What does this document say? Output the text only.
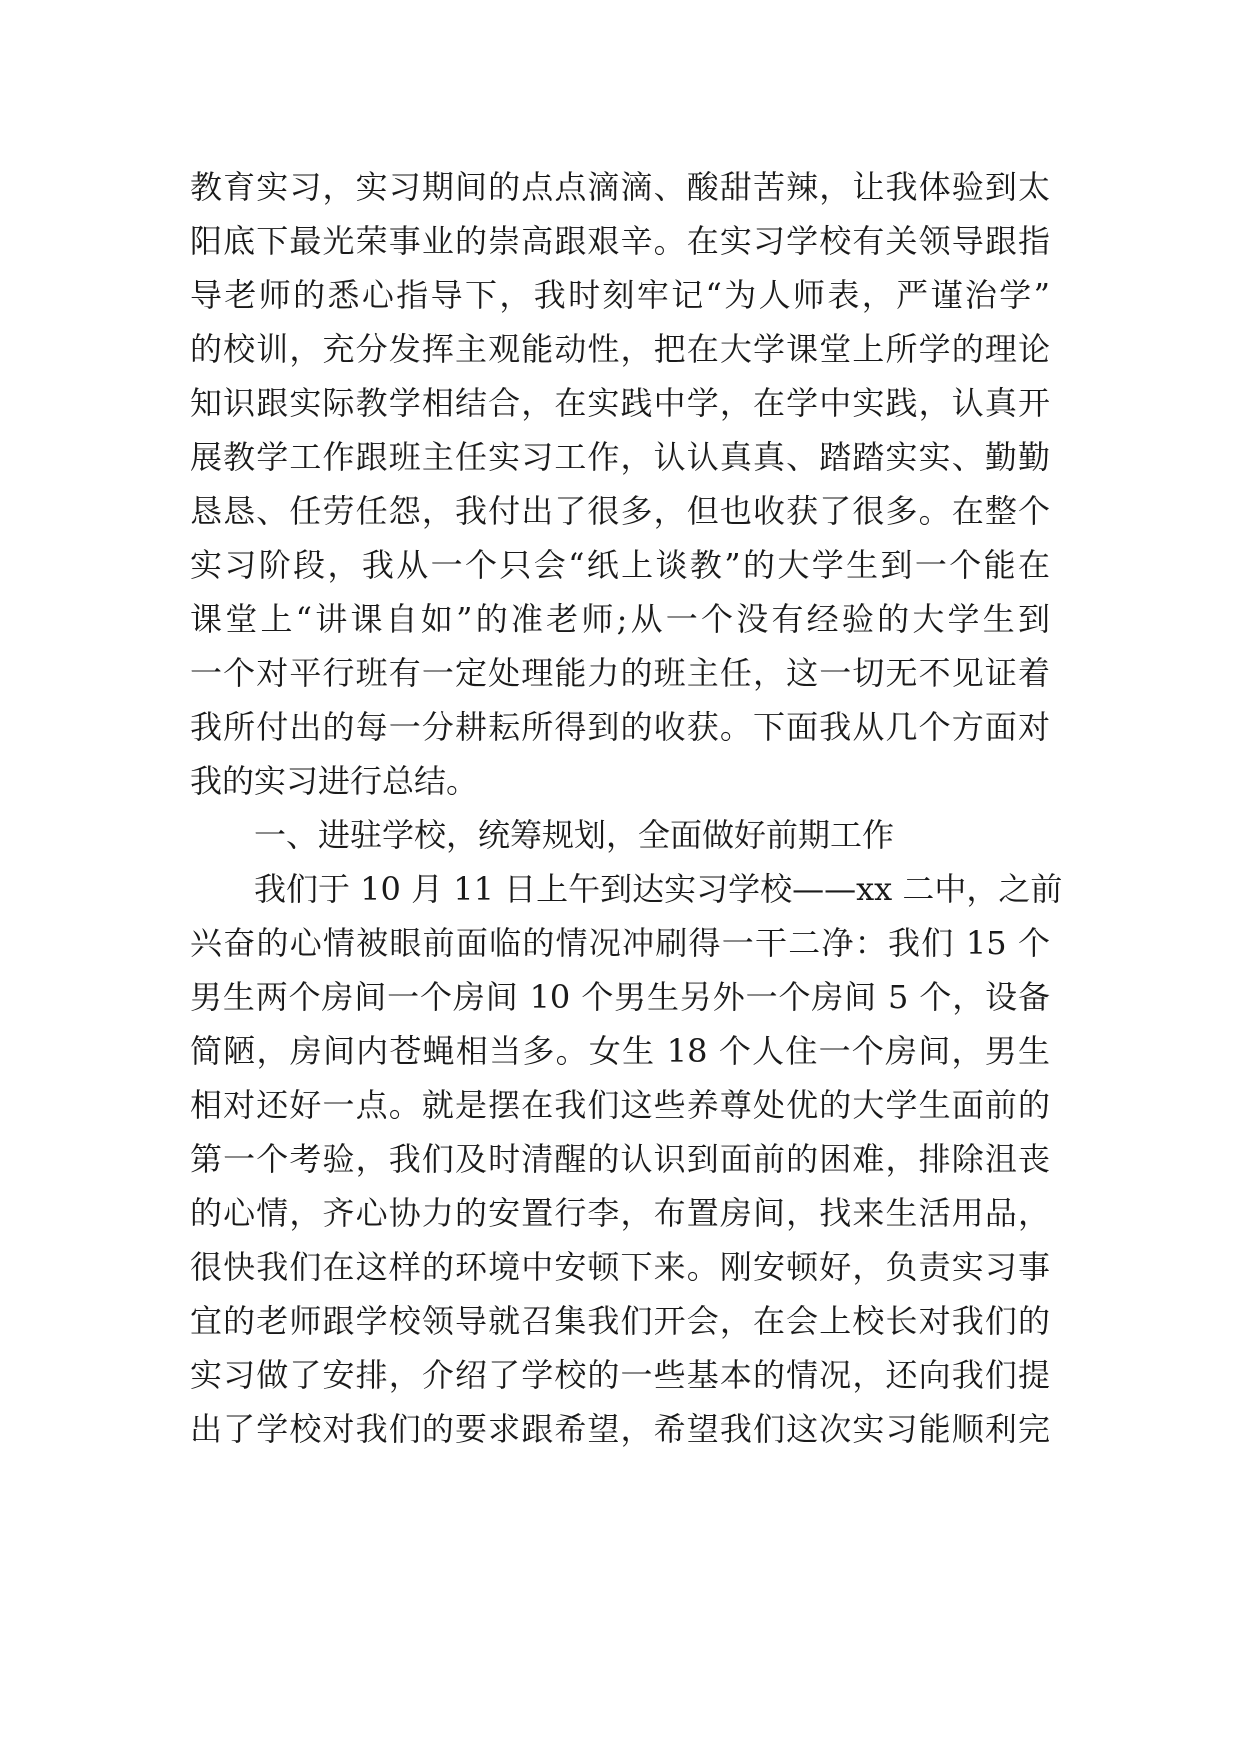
教育实习，实习期间的点点滴滴、酸甜苦辣，让我体验到太
阳底下最光荣事业的崇高跟艰辛。在实习学校有关领导跟指
导老师的悉心指导下，我时刻牢记“为人师表，严谨治学”
的校训，充分发挥主观能动性，把在大学课堂上所学的理论
知识跟实际教学相结合，在实践中学，在学中实践，认真开
展教学工作跟班主任实习工作，认认真真、踏踏实实、勤勤
恳恳、任劳任怨，我付出了很多，但也收获了很多。在整个
实习阶段，我从一个只会“纸上谈教”的大学生到一个能在
课堂上“讲课自如”的准老师;从一个没有经验的大学生到
一个对平行班有一定处理能力的班主任，这一切无不见证着
我所付出的每一分耕耘所得到的收获。下面我从几个方面对
我的实习进行总结。
一、进驻学校，统筹规划，全面做好前期工作
我们于 10 月 11 日上午到达实习学校——xx 二中，之前
兴奋的心情被眼前面临的情况冲刷得一干二净：我们 15 个
男生两个房间一个房间 10 个男生另外一个房间 5 个，设备
简陋，房间内苍蝇相当多。女生 18 个人住一个房间，男生
相对还好一点。就是摆在我们这些养尊处优的大学生面前的
第一个考验，我们及时清醒的认识到面前的困难，排除沮丧
的心情，齐心协力的安置行李，布置房间，找来生活用品，
很快我们在这样的环境中安顿下来。刚安顿好，负责实习事
宜的老师跟学校领导就召集我们开会，在会上校长对我们的
实习做了安排，介绍了学校的一些基本的情况，还向我们提
出了学校对我们的要求跟希望，希望我们这次实习能顺利完
